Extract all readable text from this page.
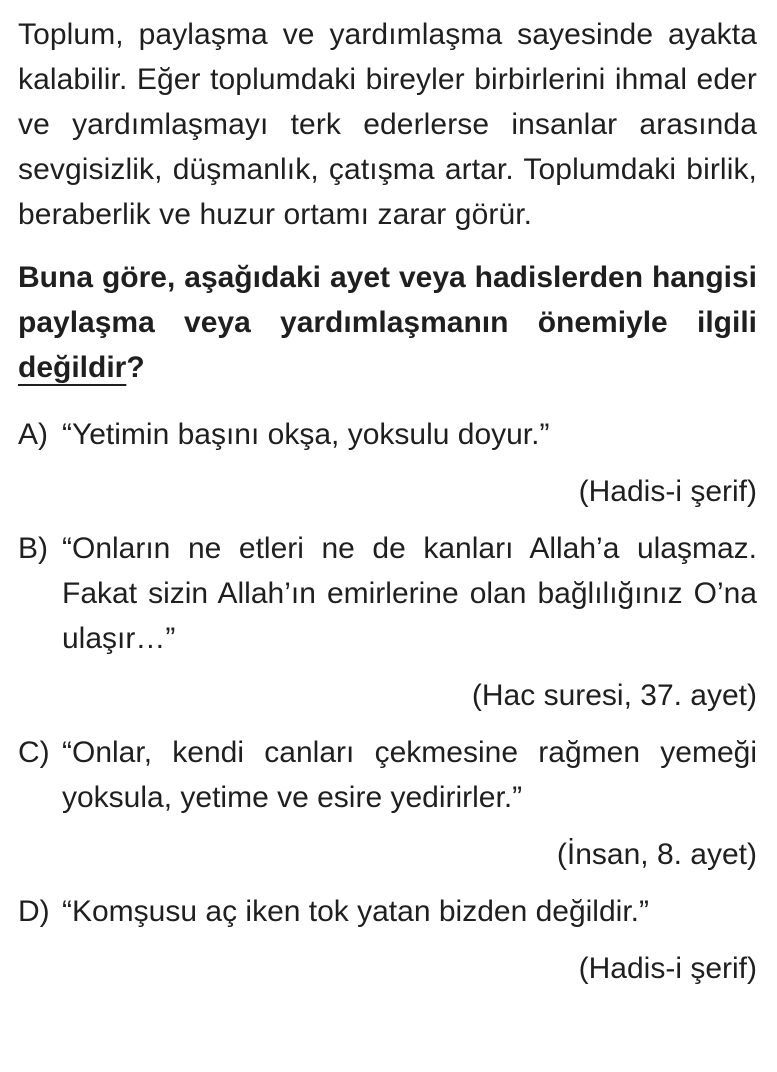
Toplum, paylaşma ve yardımlaşma sayesinde ayakta kalabilir. Eğer toplumdaki bireyler birbirlerini ihmal eder ve yardımlaşmayı terk ederlerse insanlar arasında sevgisizlik, düşmanlık, çatışma artar. Toplumdaki birlik, beraberlik ve huzur ortamı zarar görür.

Buna göre, aşağıdaki ayet veya hadislerden hangisi paylaşma veya yardımlaşmanın önemiyle ilgili değildir?

A) “Yetimin başını okşa, yoksulu doyur.”
(Hadis-i şerif)
B) “Onların ne etleri ne de kanları Allah’a ulaşmaz. Fakat sizin Allah’ın emirlerine olan bağlılığınız O’na ulaşır…”
(Hac suresi, 37. ayet)
C) “Onlar, kendi canları çekmesine rağmen yemeği yoksula, yetime ve esire yedirirler.”
(İnsan, 8. ayet)
D) “Komşusu aç iken tok yatan bizden değildir.”
(Hadis-i şerif)
